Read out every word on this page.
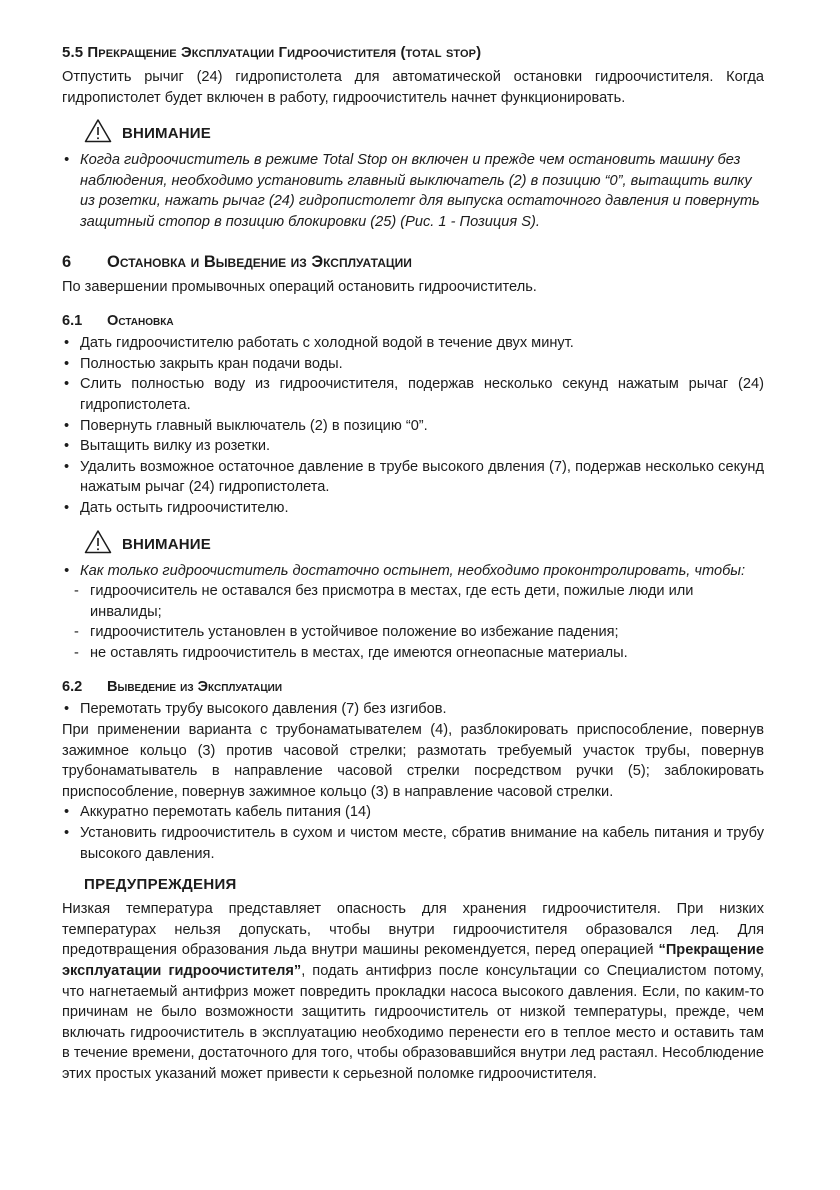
5.5 Прекращение Эксплуатации Гидроочистителя (total stop)

Отпустить рычиг (24) гидропистолета для автоматической остановки гидроочистителя. Когда гидропистолет будет включен в работу, гидроочиститель начнет функционировать.

ВНИМАНИЕ
• Когда гидроочиститель в режиме Total Stop он включен и прежде чем остановить машину без наблюдения, необходимо установить главный выключатель (2) в позицию “0”, вытащить вилку из розетки, нажать рычаг (24) гидропистолетr для выпуска остаточного давления и повернуть защитный стопор в позицию блокировки (25) (Рис. 1 - Позиция S).
6	Остановка и Выведение из Эксплуатации

По завершении промывочных операций остановить гидроочиститель.

6.1	Остановка
• Дать гидроочистителю работать с холодной водой в течение двух минут.
• Полностью закрыть кран подачи воды.
• Слить полностью воду из гидроочистителя, подержав несколько секунд нажатым рычаг (24) гидропистолета.
• Повернуть главный выключатель (2) в позицию “0”.
• Вытащить вилку из розетки.
• Удалить возможное остаточное давление в трубе высокого двления (7), подержав несколько секунд нажатым рычаг (24) гидропистолета.
• Дать остыть гидроочистителю.
ВНИМАНИЕ
• Как только гидроочиститель достаточно остынет, необходимо проконтролировать, чтобы:
- гидроочиситель не оставался без присмотра в местах, где есть дети, пожилые люди или инвалиды;
- гидроочиститель установлен в устойчивое положение во избежание падения;
- не оставлять гидроочиститель в местах, где имеются огнеопасные материалы.
6.2	Выведение из Эксплуатации
• Перемотать трубу высокого давления (7) без изгибов.

При применении варианта с трубонаматывателем (4), разблокировать приспособление, повернув зажимное кольцо (3) против часовой стрелки; размотать требуемый участок трубы, повернув трубонаматыватель в направление часовой стрелки посредством ручки (5); заблокировать приспособление, повернув зажимное кольцо (3) в направление часовой стрелки.

• Аккуратно перемотать кабель питания (14)
• Установить гидроочиститель в сухом и чистом месте, сбратив внимание на кабель питания и трубу высокого давления.
ПРЕДУПРЕЖДЕНИЯ

Низкая температура представляет опасность для хранения гидроочистителя. При низких температурах нельзя допускать, чтобы внутри гидроочистителя образовался лед. Для предотвращения образования льда внутри машины рекомендуется, перед операцией “Прекращение эксплуатации гидроочистителя”, подать антифриз после консультации со Специалистом потому, что нагнетаемый антифриз может повредить прокладки насоса высокого давления. Если, по каким-то причинам не было возможности защитить гидроочиститель от низкой температуры, прежде, чем включать гидроочиститель в эксплуатацию необходимо перенести его в теплое место и оставить там в течение времени, достаточного для того, чтобы образовавшийся внутри лед растаял. Несоблюдение этих простых указаний может привести к серьезной поломке гидроочистителя.
